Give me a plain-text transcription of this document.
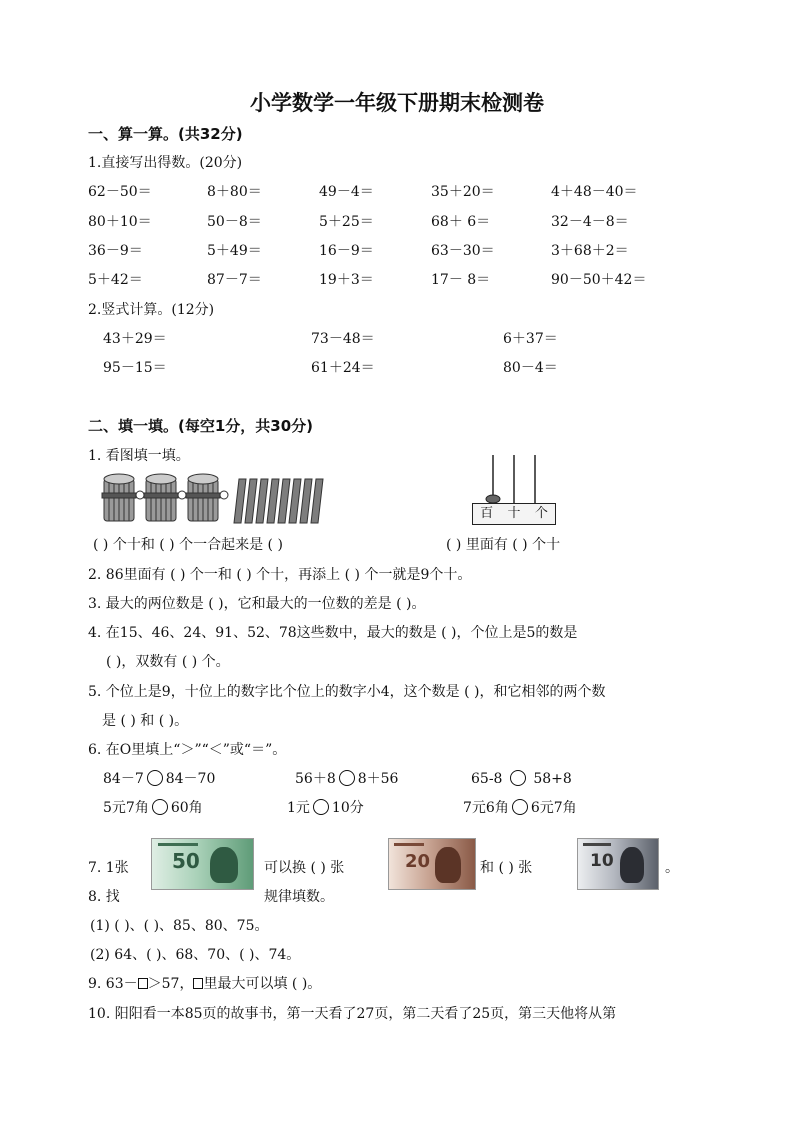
小学数学一年级下册期末检测卷
一、算一算。(共32分)
1.直接写出得数。(20分)
62－50＝	8＋80＝	49－4＝	35＋20＝	4＋48－40＝
80＋10＝	50－8＝	5＋25＝	68＋ 6＝	32－4－8＝
36－9＝	5＋49＝	16－9＝	63－30＝	3＋68＋2＝
5＋42＝	87－7＝	19＋3＝	17－ 8＝	90－50＋42＝
2.竖式计算。(12分)
43＋29＝	73－48＝	6＋37＝
95－15＝	61＋24＝	80－4＝
二、填一填。(每空1分，共30分)
1. 看图填一填。
百 十 个
( ) 个十和 ( ) 个一合起来是 ( )	( ) 里面有 ( ) 个十
2. 86里面有 ( ) 个一和 ( ) 个十，再添上 ( ) 个一就是9个十。
3. 最大的两位数是 ( )，它和最大的一位数的差是 ( )。
4. 在15、46、24、91、52、78这些数中，最大的数是 ( )，个位上是5的数是
( )，双数有 ( ) 个。
5. 个位上是9，十位上的数字比个位上的数字小4，这个数是 ( )，和它相邻的两个数
是 ( ) 和 ( )。
6. 在O里填上“＞”“＜”或“＝”。
84－7 84－70	56＋8 8＋56	65-8 58+8
5元7角 60角	1元 10分	7元6角 6元7角
7. 1张 50	可以换 ( ) 张	20	和 ( ) 张	10	。
8. 找	规律填数。
(1) ( )、( )、85、80、75。
(2) 64、( )、68、70、( )、74。
9. 63－ ＞57， 里最大可以填 ( )。
10. 阳阳看一本85页的故事书，第一天看了27页，第二天看了25页，第三天他将从第
